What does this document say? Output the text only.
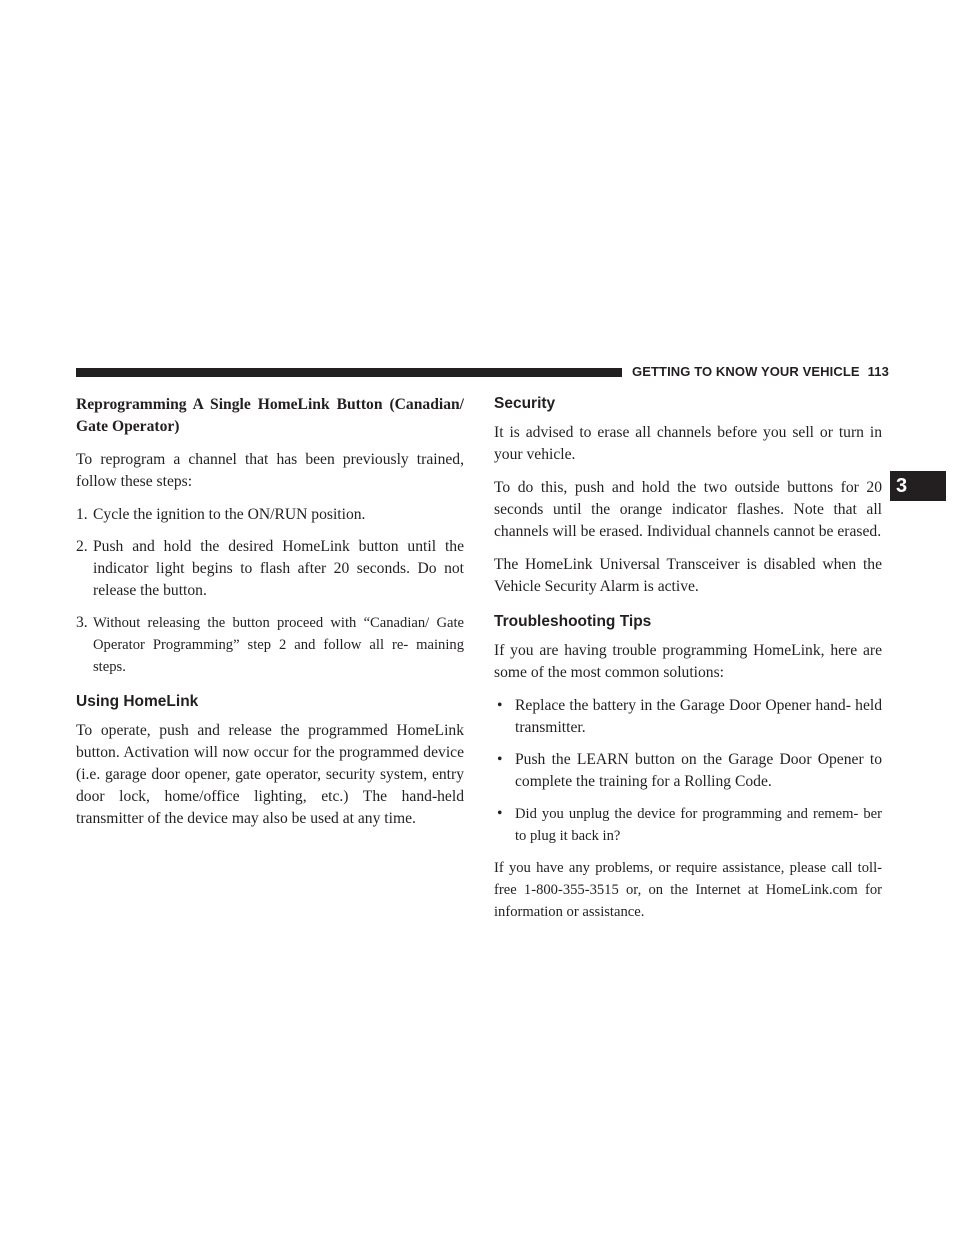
GETTING TO KNOW YOUR VEHICLE 113
3

Reprogramming A Single HomeLink Button (Canadian/ Gate Operator)

To reprogram a channel that has been previously trained, follow these steps:

1. Cycle the ignition to the ON/RUN position.
2. Push and hold the desired HomeLink button until the indicator light begins to flash after 20 seconds. Do not release the button.
3. Without releasing the button proceed with “Canadian/ Gate Operator Programming” step 2 and follow all re- maining steps.
Using HomeLink

To operate, push and release the programmed HomeLink button. Activation will now occur for the programmed device (i.e. garage door opener, gate operator, security system, entry door lock, home/office lighting, etc.) The hand-held transmitter of the device may also be used at any time.

Security

It is advised to erase all channels before you sell or turn in your vehicle.

To do this, push and hold the two outside buttons for 20 seconds until the orange indicator flashes. Note that all channels will be erased. Individual channels cannot be erased.

The HomeLink Universal Transceiver is disabled when the Vehicle Security Alarm is active.

Troubleshooting Tips

If you are having trouble programming HomeLink, here are some of the most common solutions:

• Replace the battery in the Garage Door Opener hand- held transmitter.
• Push the LEARN button on the Garage Door Opener to complete the training for a Rolling Code.
• Did you unplug the device for programming and remem- ber to plug it back in?

If you have any problems, or require assistance, please call toll-free 1-800-355-3515 or, on the Internet at HomeLink.com for information or assistance.
